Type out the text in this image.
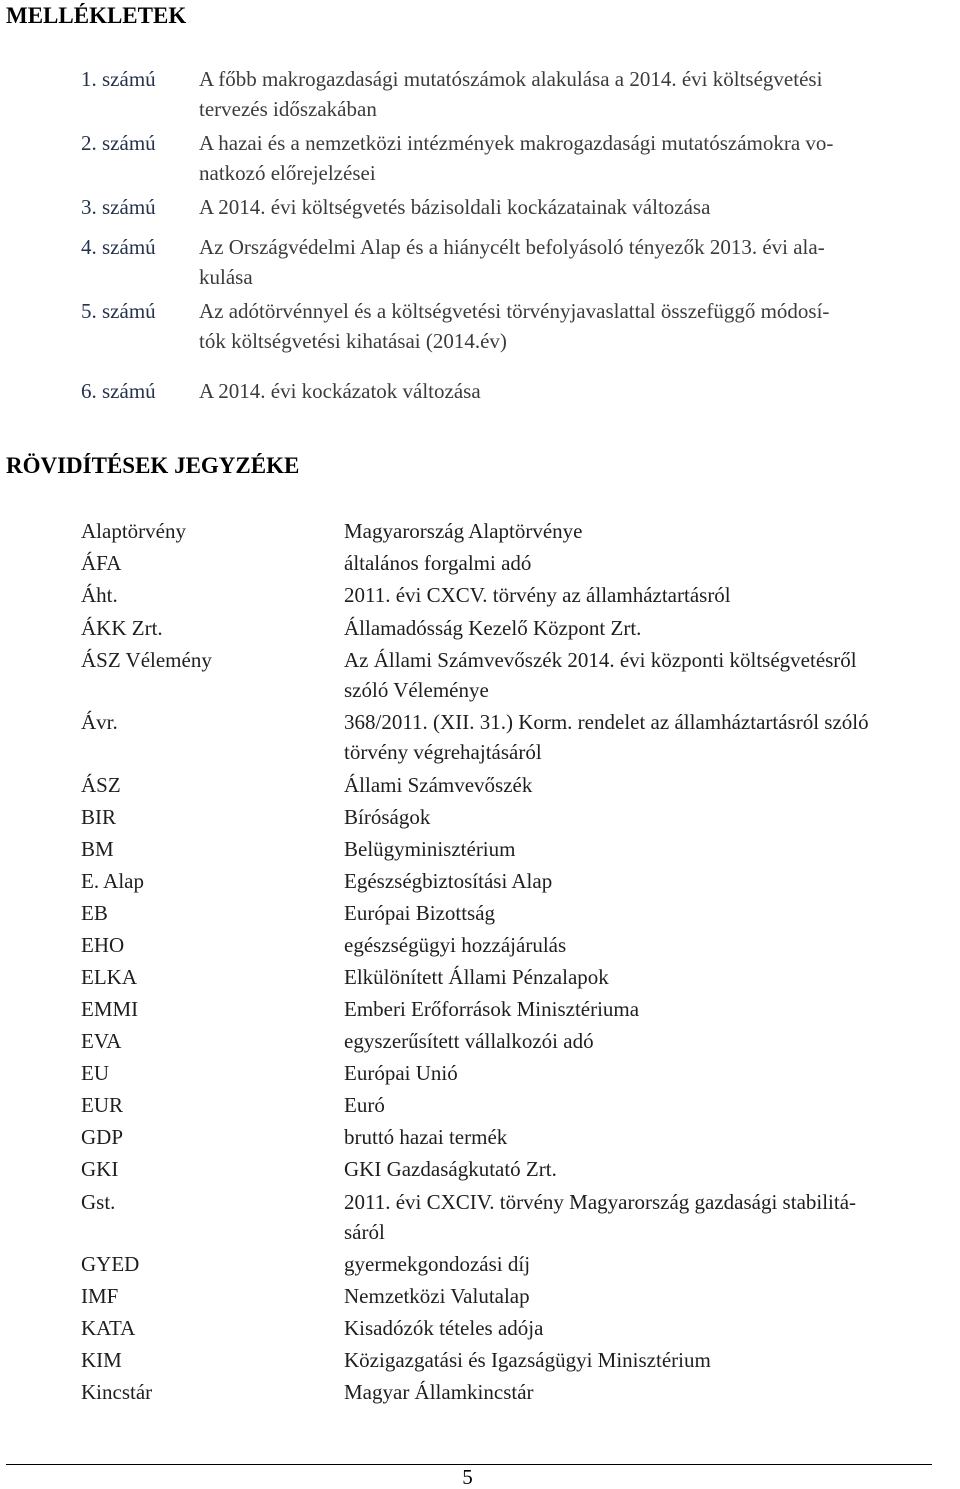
MELLÉKLETEK
1. számú A főbb makrogazdasági mutatószámok alakulása a 2014. évi költségvetési
tervezés időszakában
2. számú A hazai és a nemzetközi intézmények makrogazdasági mutatószámokra vo-
natkozó előrejelzései
3. számú A 2014. évi költségvetés bázisoldali kockázatainak változása
4. számú Az Országvédelmi Alap és a hiánycélt befolyásoló tényezők 2013. évi ala-
kulása
5. számú Az adótörvénnyel és a költségvetési törvényjavaslattal összefüggő módosí-
tók költségvetési kihatásai (2014.év)
6. számú A 2014. évi kockázatok változása
RÖVIDÍTÉSEK JEGYZÉKE
Alaptörvény	Magyarország Alaptörvénye
ÁFA	általános forgalmi adó
Áht.	2011. évi CXCV. törvény az államháztartásról
ÁKK Zrt.	Államadósság Kezelő Központ Zrt.
ÁSZ Vélemény	Az Állami Számvevőszék 2014. évi központi költségvetésről
szóló Véleménye
Ávr.	368/2011. (XII. 31.) Korm. rendelet az államháztartásról szóló
törvény végrehajtásáról
ÁSZ	Állami Számvevőszék
BIR	Bíróságok
BM	Belügyminisztérium
E. Alap	Egészségbiztosítási Alap
EB	Európai Bizottság
EHO	egészségügyi hozzájárulás
ELKA	Elkülönített Állami Pénzalapok
EMMI	Emberi Erőforrások Minisztériuma
EVA	egyszerűsített vállalkozói adó
EU	Európai Unió
EUR	Euró
GDP	bruttó hazai termék
GKI	GKI Gazdaságkutató Zrt.
Gst.	2011. évi CXCIV. törvény Magyarország gazdasági stabilitá-
sáról
GYED	gyermekgondozási díj
IMF	Nemzetközi Valutalap
KATA	Kisadózók tételes adója
KIM	Közigazgatási és Igazságügyi Minisztérium
Kincstár	Magyar Államkincstár
5
